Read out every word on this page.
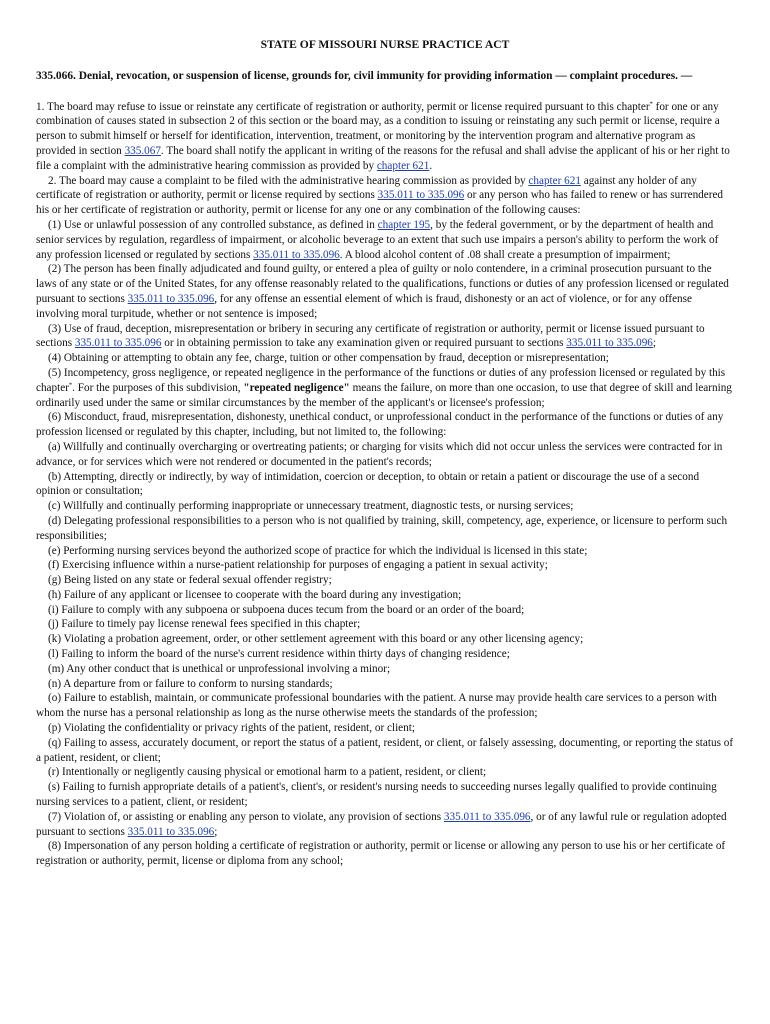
STATE OF MISSOURI NURSE PRACTICE ACT
335.066. Denial, revocation, or suspension of license, grounds for, civil immunity for providing information — complaint procedures. —

1. The board may refuse to issue or reinstate any certificate of registration or authority, permit or license required pursuant to this chapter* for one or any combination of causes stated in subsection 2 of this section or the board may, as a condition to issuing or reinstating any such permit or license, require a person to submit himself or herself for identification, intervention, treatment, or monitoring by the intervention program and alternative program as provided in section 335.067. The board shall notify the applicant in writing of the reasons for the refusal and shall advise the applicant of his or her right to file a complaint with the administrative hearing commission as provided by chapter 621.

2. The board may cause a complaint to be filed with the administrative hearing commission as provided by chapter 621 against any holder of any certificate of registration or authority, permit or license required by sections 335.011 to 335.096 or any person who has failed to renew or has surrendered his or her certificate of registration or authority, permit or license for any one or any combination of the following causes:

(1) Use or unlawful possession of any controlled substance, as defined in chapter 195, by the federal government, or by the department of health and senior services by regulation, regardless of impairment, or alcoholic beverage to an extent that such use impairs a person's ability to perform the work of any profession licensed or regulated by sections 335.011 to 335.096. A blood alcohol content of .08 shall create a presumption of impairment;

(2) The person has been finally adjudicated and found guilty, or entered a plea of guilty or nolo contendere, in a criminal prosecution pursuant to the laws of any state or of the United States, for any offense reasonably related to the qualifications, functions or duties of any profession licensed or regulated pursuant to sections 335.011 to 335.096, for any offense an essential element of which is fraud, dishonesty or an act of violence, or for any offense involving moral turpitude, whether or not sentence is imposed;

(3) Use of fraud, deception, misrepresentation or bribery in securing any certificate of registration or authority, permit or license issued pursuant to sections 335.011 to 335.096 or in obtaining permission to take any examination given or required pursuant to sections 335.011 to 335.096;

(4) Obtaining or attempting to obtain any fee, charge, tuition or other compensation by fraud, deception or misrepresentation;

(5) Incompetency, gross negligence, or repeated negligence in the performance of the functions or duties of any profession licensed or regulated by this chapter*. For the purposes of this subdivision, "repeated negligence" means the failure, on more than one occasion, to use that degree of skill and learning ordinarily used under the same or similar circumstances by the member of the applicant's or licensee's profession;

(6) Misconduct, fraud, misrepresentation, dishonesty, unethical conduct, or unprofessional conduct in the performance of the functions or duties of any profession licensed or regulated by this chapter, including, but not limited to, the following:

(a) Willfully and continually overcharging or overtreating patients; or charging for visits which did not occur unless the services were contracted for in advance, or for services which were not rendered or documented in the patient's records;

(b) Attempting, directly or indirectly, by way of intimidation, coercion or deception, to obtain or retain a patient or discourage the use of a second opinion or consultation;

(c) Willfully and continually performing inappropriate or unnecessary treatment, diagnostic tests, or nursing services;

(d) Delegating professional responsibilities to a person who is not qualified by training, skill, competency, age, experience, or licensure to perform such responsibilities;

(e) Performing nursing services beyond the authorized scope of practice for which the individual is licensed in this state;

(f) Exercising influence within a nurse-patient relationship for purposes of engaging a patient in sexual activity;

(g) Being listed on any state or federal sexual offender registry;

(h) Failure of any applicant or licensee to cooperate with the board during any investigation;

(i) Failure to comply with any subpoena or subpoena duces tecum from the board or an order of the board;

(j) Failure to timely pay license renewal fees specified in this chapter;

(k) Violating a probation agreement, order, or other settlement agreement with this board or any other licensing agency;

(l) Failing to inform the board of the nurse's current residence within thirty days of changing residence;

(m) Any other conduct that is unethical or unprofessional involving a minor;

(n) A departure from or failure to conform to nursing standards;

(o) Failure to establish, maintain, or communicate professional boundaries with the patient. A nurse may provide health care services to a person with whom the nurse has a personal relationship as long as the nurse otherwise meets the standards of the profession;

(p) Violating the confidentiality or privacy rights of the patient, resident, or client;

(q) Failing to assess, accurately document, or report the status of a patient, resident, or client, or falsely assessing, documenting, or reporting the status of a patient, resident, or client;

(r) Intentionally or negligently causing physical or emotional harm to a patient, resident, or client;

(s) Failing to furnish appropriate details of a patient's, client's, or resident's nursing needs to succeeding nurses legally qualified to provide continuing nursing services to a patient, client, or resident;

(7) Violation of, or assisting or enabling any person to violate, any provision of sections 335.011 to 335.096, or of any lawful rule or regulation adopted pursuant to sections 335.011 to 335.096;

(8) Impersonation of any person holding a certificate of registration or authority, permit or license or allowing any person to use his or her certificate of registration or authority, permit, license or diploma from any school;
